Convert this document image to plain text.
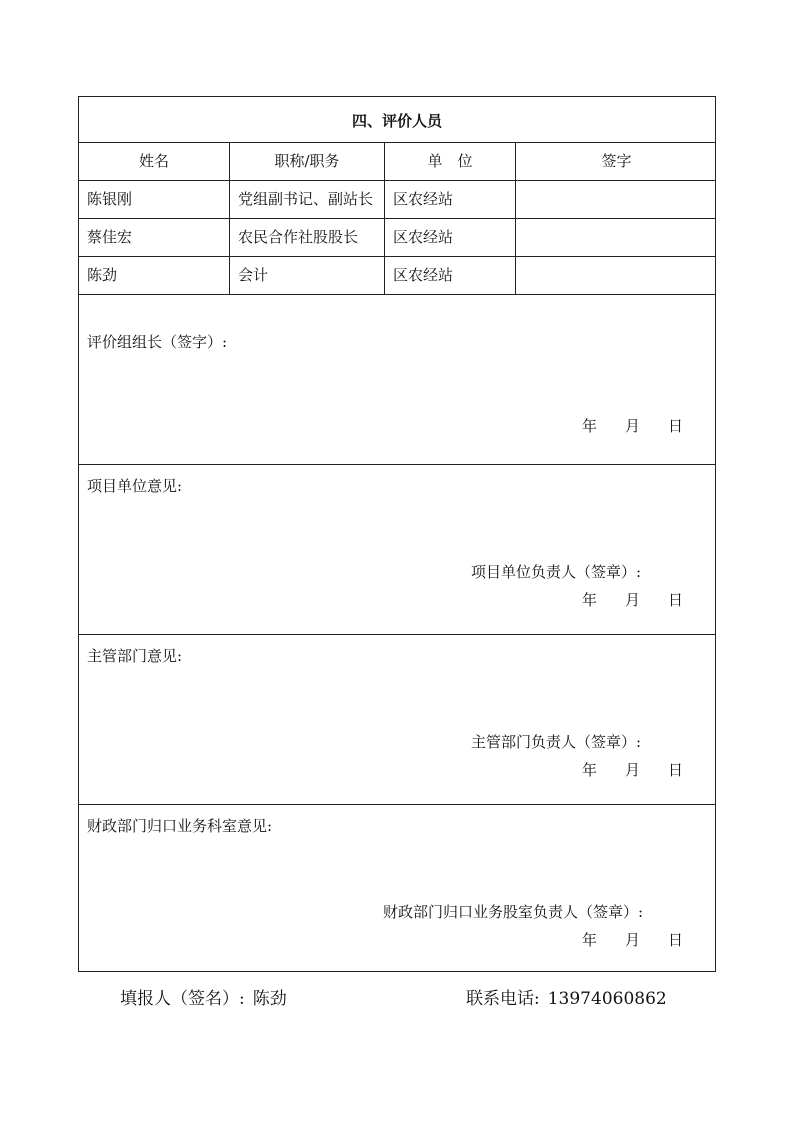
四、评价人员
姓名	职称/职务	单　位	签字
陈银刚	党组副书记、副站长	区农经站
蔡佳宏	农民合作社股股长	区农经站
陈劲	会计	区农经站
评价组组长（签字）:
年 月 日
项目单位意见:
项目单位负责人（签章）:
年 月 日
主管部门意见:
主管部门负责人（签章）:
年 月 日
财政部门归口业务科室意见:
财政部门归口业务股室负责人（签章）:
年 月 日
填报人（签名）: 陈劲	联系电话: 13974060862
